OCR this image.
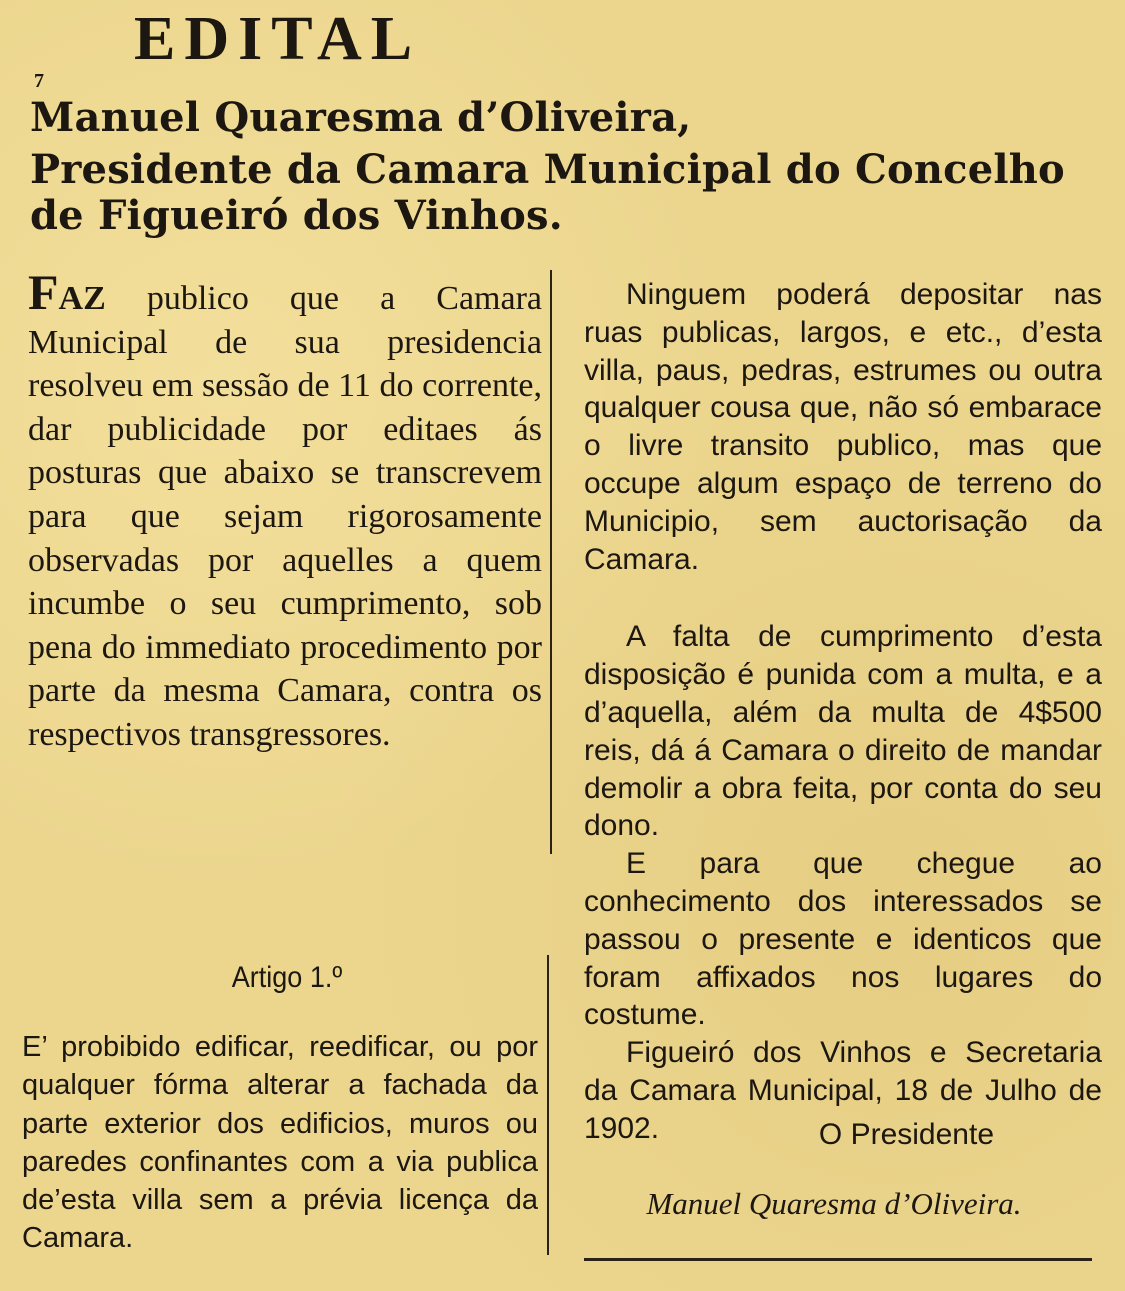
EDITAL
7
Manuel Quaresma d’Oliveira,
Presidente da Camara Municipal do Concelho
de Figueiró dos Vinhos.

FAZ publico que a Camara Municipal de sua presidencia resolveu em sessão de 11 do corrente, dar publicidade por editaes ás posturas que abaixo se transcrevem para que sejam rigorosamente observadas por aquelles a quem incumbe o seu cumprimento, sob pena do immediato procedimento por parte da mesma Camara, contra os respectivos transgressores.

Artigo 1.º
E’ probibido edificar, reedificar, ou por qualquer fórma alterar a fachada da parte exterior dos edificios, muros ou paredes confinantes com a via publica de’esta villa sem a prévia licença da Camara.

Ninguem poderá depositar nas ruas publicas, largos, e etc., d’esta villa, paus, pedras, estrumes ou outra qualquer cousa que, não só embarace o livre transito publico, mas que occupe algum espaço de terreno do Municipio, sem auctorisação da Camara.

A falta de cumprimento d’esta disposição é punida com a multa, e a d’aquella, além da multa de 4$500 reis, dá á Camara o direito de mandar demolir a obra feita, por conta do seu dono.

E para que chegue ao conhecimento dos interessados se passou o presente e identicos que foram affixados nos lugares do costume.

Figueiró dos Vinhos e Secretaria da Camara Municipal, 18 de Julho de 1902.	O Presidente
Manuel Quaresma d’Oliveira.
